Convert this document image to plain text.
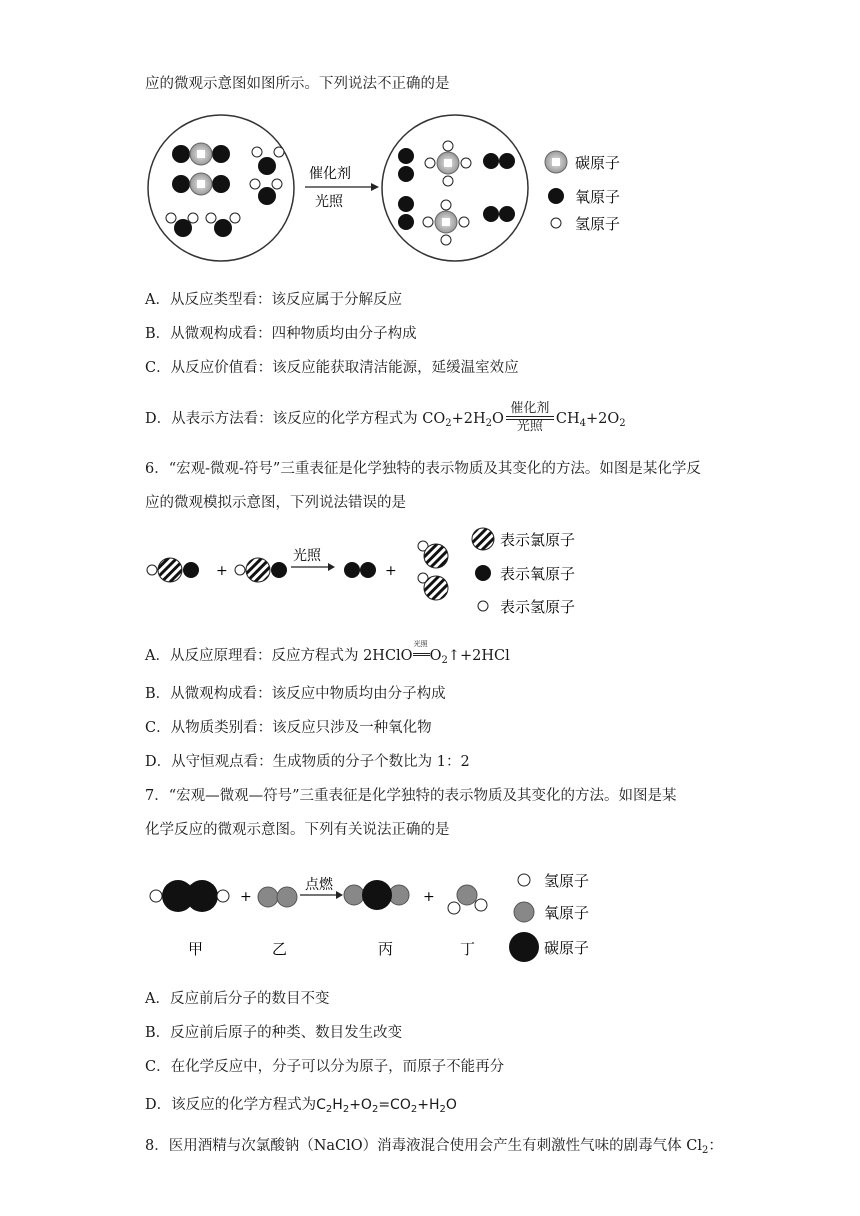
应的微观示意图如图所示。下列说法不正确的是
催化剂
光照
碳原子
氧原子
氢原子
A．从反应类型看：该反应属于分解反应
B．从微观构成看：四种物质均由分子构成
C．从反应价值看：该反应能获取清洁能源，延缓温室效应
D．从表示方法看：该反应的化学方程式为 $CO_2+2H_2O$
催化剂
光照 $CH_4+2O_2$
6．“宏观-微观-符号”三重表征是化学独特的表示物质及其变化的方法。如图是某化学反
应的微观模拟示意图，下列说法错误的是
+
光照
+
表示氯原子
表示氧原子
表示氢原子
A．从反应原理看：反应方程式为 2HClO
光照
$O_2↑+2HCl$
B．从微观构成看：该反应中物质均由分子构成
C．从物质类别看：该反应只涉及一种氧化物
D．从守恒观点看：生成物质的分子个数比为 1：2
7．“宏观—微观—符号”三重表征是化学独特的表示物质及其变化的方法。如图是某
化学反应的微观示意图。下列有关说法正确的是
+
点燃
+
甲	乙	丙	丁
氢原子
氧原子
碳原子
A．反应前后分子的数目不变
B．反应前后原子的种类、数目发生改变
C．在化学反应中，分子可以分为原子，而原子不能再分
D．该反应的化学方程式为$C_2H_2+O_2=CO_2+H_2O$
8．医用酒精与次氯酸钠（NaClO）消毒液混合使用会产生有刺激性气味的剧毒气体 $Cl_2$：
